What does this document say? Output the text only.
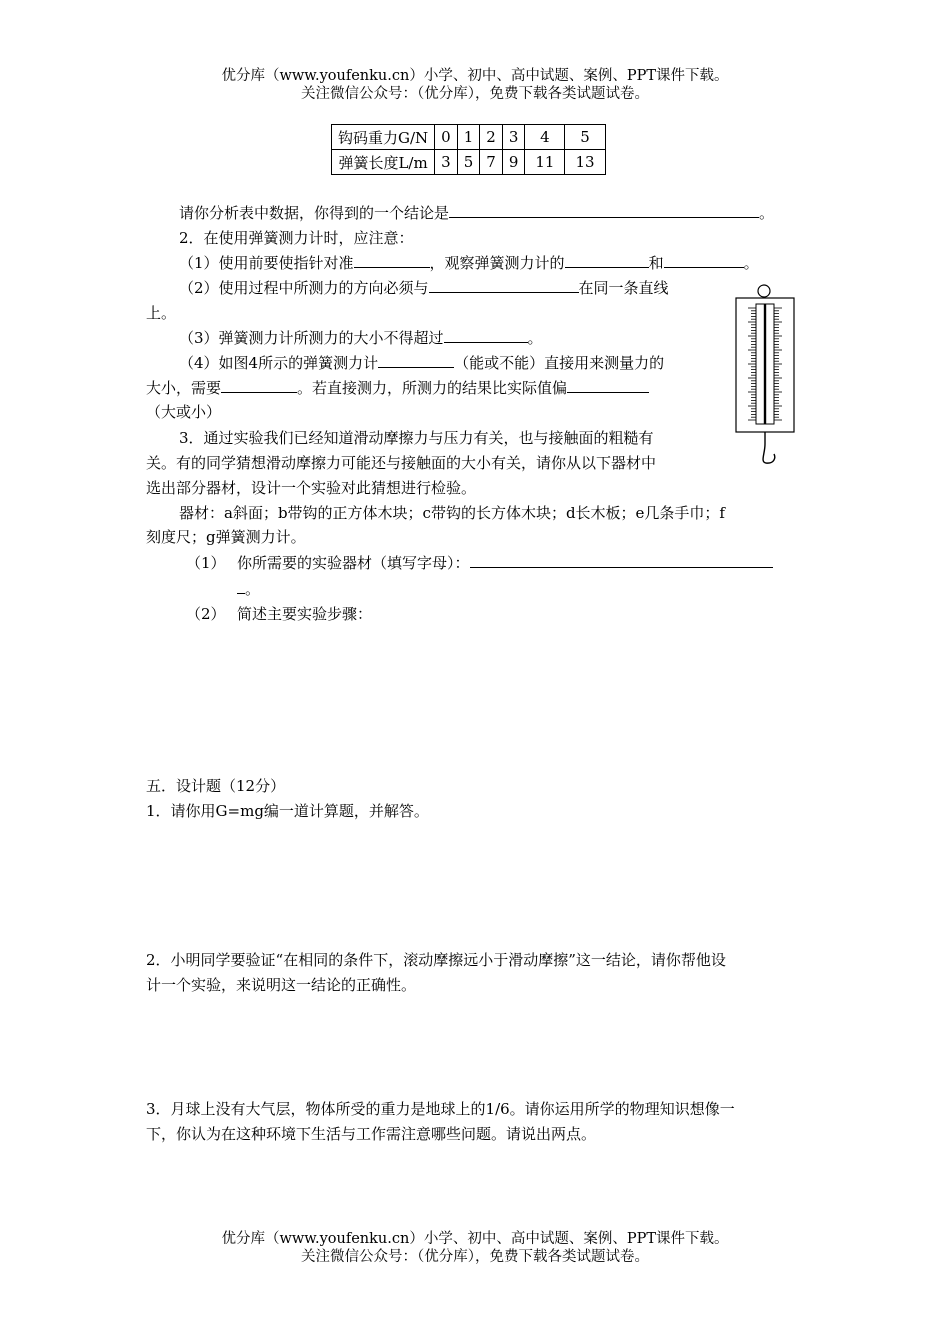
优分库（www.youfenku.cn）小学、初中、高中试题、案例、PPT课件下载。
关注微信公众号：（优分库），免费下载各类试题试卷。
钩码重力G/N	0	1	2	3	4	5
弹簧长度L/m	3	5	7	9	11	13
请你分析表中数据，你得到的一个结论是	。
2．在使用弹簧测力计时，应注意：
（1）使用前要使指针对准	，观察弹簧测力计的	和	。
（2）使用过程中所测力的方向必须与	在同一条直线
上。
（3）弹簧测力计所测力的大小不得超过	。
（4）如图4所示的弹簧测力计	（能或不能）直接用来测量力的
大小，需要	。若直接测力，所测力的结果比实际值偏
（大或小）
3．通过实验我们已经知道滑动摩擦力与压力有关，也与接触面的粗糙有
关。有的同学猜想滑动摩擦力可能还与接触面的大小有关，请你从以下器材中
选出部分器材，设计一个实验对此猜想进行检验。
器材：a斜面；b带钩的正方体木块；c带钩的长方体木块；d长木板；e几条手巾；f
刻度尺；g弹簧测力计。
（1） 你所需要的实验器材（填写字母）：
。
（2） 简述主要实验步骤：
五．设计题（12分）
1．请你用G=mg编一道计算题，并解答。
2．小明同学要验证“在相同的条件下，滚动摩擦远小于滑动摩擦”这一结论，请你帮他设
计一个实验，来说明这一结论的正确性。
3．月球上没有大气层，物体所受的重力是地球上的1/6。请你运用所学的物理知识想像一
下，你认为在这种环境下生活与工作需注意哪些问题。请说出两点。
优分库（www.youfenku.cn）小学、初中、高中试题、案例、PPT课件下载。
关注微信公众号：（优分库），免费下载各类试题试卷。
